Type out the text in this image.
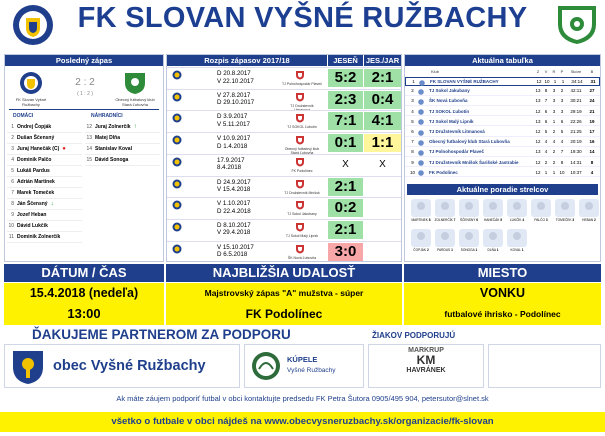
FK SLOVAN VYŠNÉ RUŽBACHY
Posledný zápas
FK Slovan Vyšné Ružbachy
Obecný futbalový klub Stará Ľubovňa
2 : 2
( 1 : 2 )
DOMÁCI	NÁHRADNÍCI
1 Ondrej Čopják
2 Dušan Ščensný
3 Juraj Hanečák (C) ●
4 Dominik Palčo
5 Lukáš Pardus
6 Adrián Martinek
7 Marek Tomeček
8 Ján Ščensný ↓
9 Jozef Heban
10 Dávid Lukčík
11 Dominik Zolnerčík
12 Juraj Zolnerčík ↑
13 Matej Dlňa
14 Stanislav Koval
15 Dávid Sonoga
Rozpis zápasov 2017/18	JESEŇ	JES./JAR
TJ Polnohospodár Plaveč
D 20.8.2017
V 22.10.2017	5:2	2:1
TJ Družstevník Litmanová
V 27.8.2017
D 29.10.2017	2:3	0:4
TJ SOKOL Ľubotín
D 3.9.2017
V 5.11.2017	7:1	4:1
Obecný futbalový klub Stará Ľubovňa
V 10.9.2017
D 1.4.2018	0:1	1:1
FK Podolínec
17.9.2017
8.4.2018	X	X
TJ Družstevník Mníšok
D 24.9.2017
V 15.4.2018	2:1
TJ Sokol Jakubany
V 1.10.2017
D 22.4.2018	0:2
TJ Sokol Malý Lipník
D 8.10.2017
V 29.4.2018	2:1
ŠK Nová Ľubovňa
V 15.10.2017
D 6.5.2018	3:0
Aktuálna tabuľka
Klub	Z	V	R	P	Skóre	B
1	FK SLOVAN VYŠNÉ RUŽBACHY	12 10 1	1	34:14	31
2	TJ Sokol Jakubany	13 8	3	2	42:11	27
3	ŠK Nová Ľubovňa	13 7	3	3	30:21	24
4	TJ SOKOL Ľubotín	12 6	3	3	29:19	21
5	TJ Sokol Malý Lipník	13 6	1	6	22:26	19
6	TJ Družstevník Litmanová	12 5	2	5	21:25	17
7	Obecný futbalový klub Stará Ľubovňa	12 4	4	4	20:19	16
8	TJ Polnohospodár Plaveč	13 4	2	7	19:30	14
9	TJ Družstevník Mníšok Šarišské Jastrabie	12 2	2	8	14:31	8
10	FK Podolínec	12 1	1 10	10:37	4
Aktuálne poradie strelcov
MARTINEK 8	ZOLNERČÍK 7	ŠČENSNÝ 6	HANEČÁK 5	LUKČÍK 4	PALČO 3	TOMEČEK 3	HEBAN 2
ČOPJÁK 2	PARDUS 1	SONOGA 1	DLŇA 1	KOVAL 1
DÁTUM / ČAS	NAJBLIŽŠIA UDALOSŤ	MIESTO
15.4.2018 (nedeľa)
13:00
Majstrovský zápas "A" mužstva - súper
FK Podolínec
VONKU
futbalové ihrisko - Podolínec
ĎAKUJEME PARTNEROM ZA PODPORU	ŽIAKOV PODPORUJÚ
obec Vyšné Ružbachy	KÚPELE
Vyšné Ružbachy
MARKRUP
KM
HAVRÁNEK
Ak máte záujem podporiť futbal v obci kontaktujte predsedu FK Petra Šutora 0905/495 904, petersutor@slnet.sk
všetko o futbale v obci nájdeš na www.obecvysneruzbachy.sk/organizacie/fk-slovan
